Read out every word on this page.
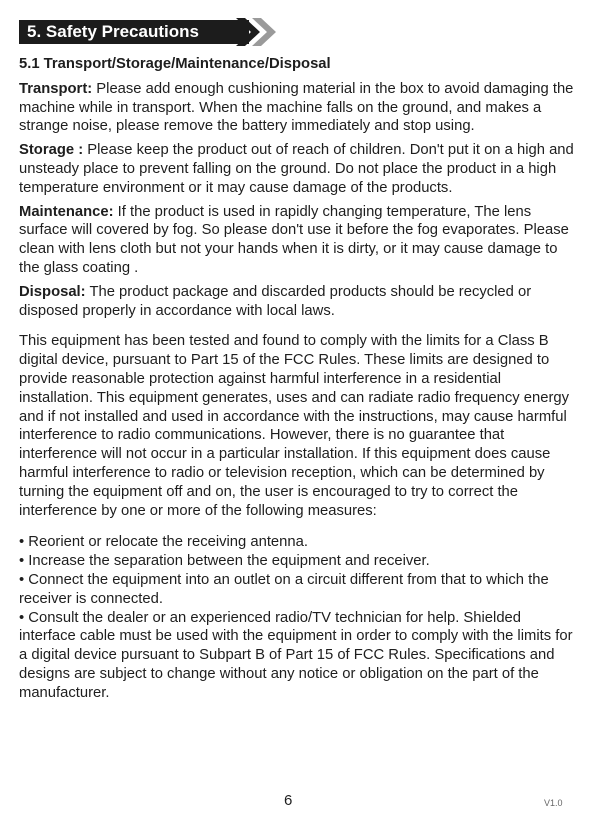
5. Safety Precautions

5.1 Transport/Storage/Maintenance/Disposal

Transport: Please add enough cushioning material in the box to avoid damaging the machine while in transport. When the machine falls on the ground, and makes a strange noise, please remove the battery immediately and stop using.

Storage : Please keep the product out of reach of children. Don't put it on a high and unsteady place to prevent falling on the ground. Do not place the product in a high temperature environment or it may cause damage of the products.

Maintenance: If the product is used in rapidly changing temperature, The lens surface will covered by fog. So please don't use it before the fog evaporates. Please clean with lens cloth but not your hands when it is dirty, or it may cause damage to the glass coating .

Disposal: The product package and discarded products should be recycled or disposed properly in accordance with local laws.

This equipment has been tested and found to comply with the limits for a Class B digital device, pursuant to Part 15 of the FCC Rules. These limits are designed to provide reasonable protection against harmful interference in a residential installation. This equipment generates, uses and can radiate radio frequency energy and if not installed and used in accordance with the instructions, may cause harmful interference to radio communications. However, there is no guarantee that interference will not occur in a particular installation. If this equipment does cause harmful interference to radio or television reception, which can be determined by turning the equipment off and on, the user is encouraged to try to correct the interference by one or more of the following measures:

• Reorient or relocate the receiving antenna.

• Increase the separation between the equipment and receiver.

• Connect the equipment into an outlet on a circuit different from that to which the receiver is connected.

• Consult the dealer or an experienced radio/TV technician for help. Shielded interface cable must be used with the equipment in order to comply with the limits for a digital device pursuant to Subpart B of Part 15 of FCC Rules. Specifications and designs are subject to change without any notice or obligation on the part of the manufacturer.

6	V1.0
